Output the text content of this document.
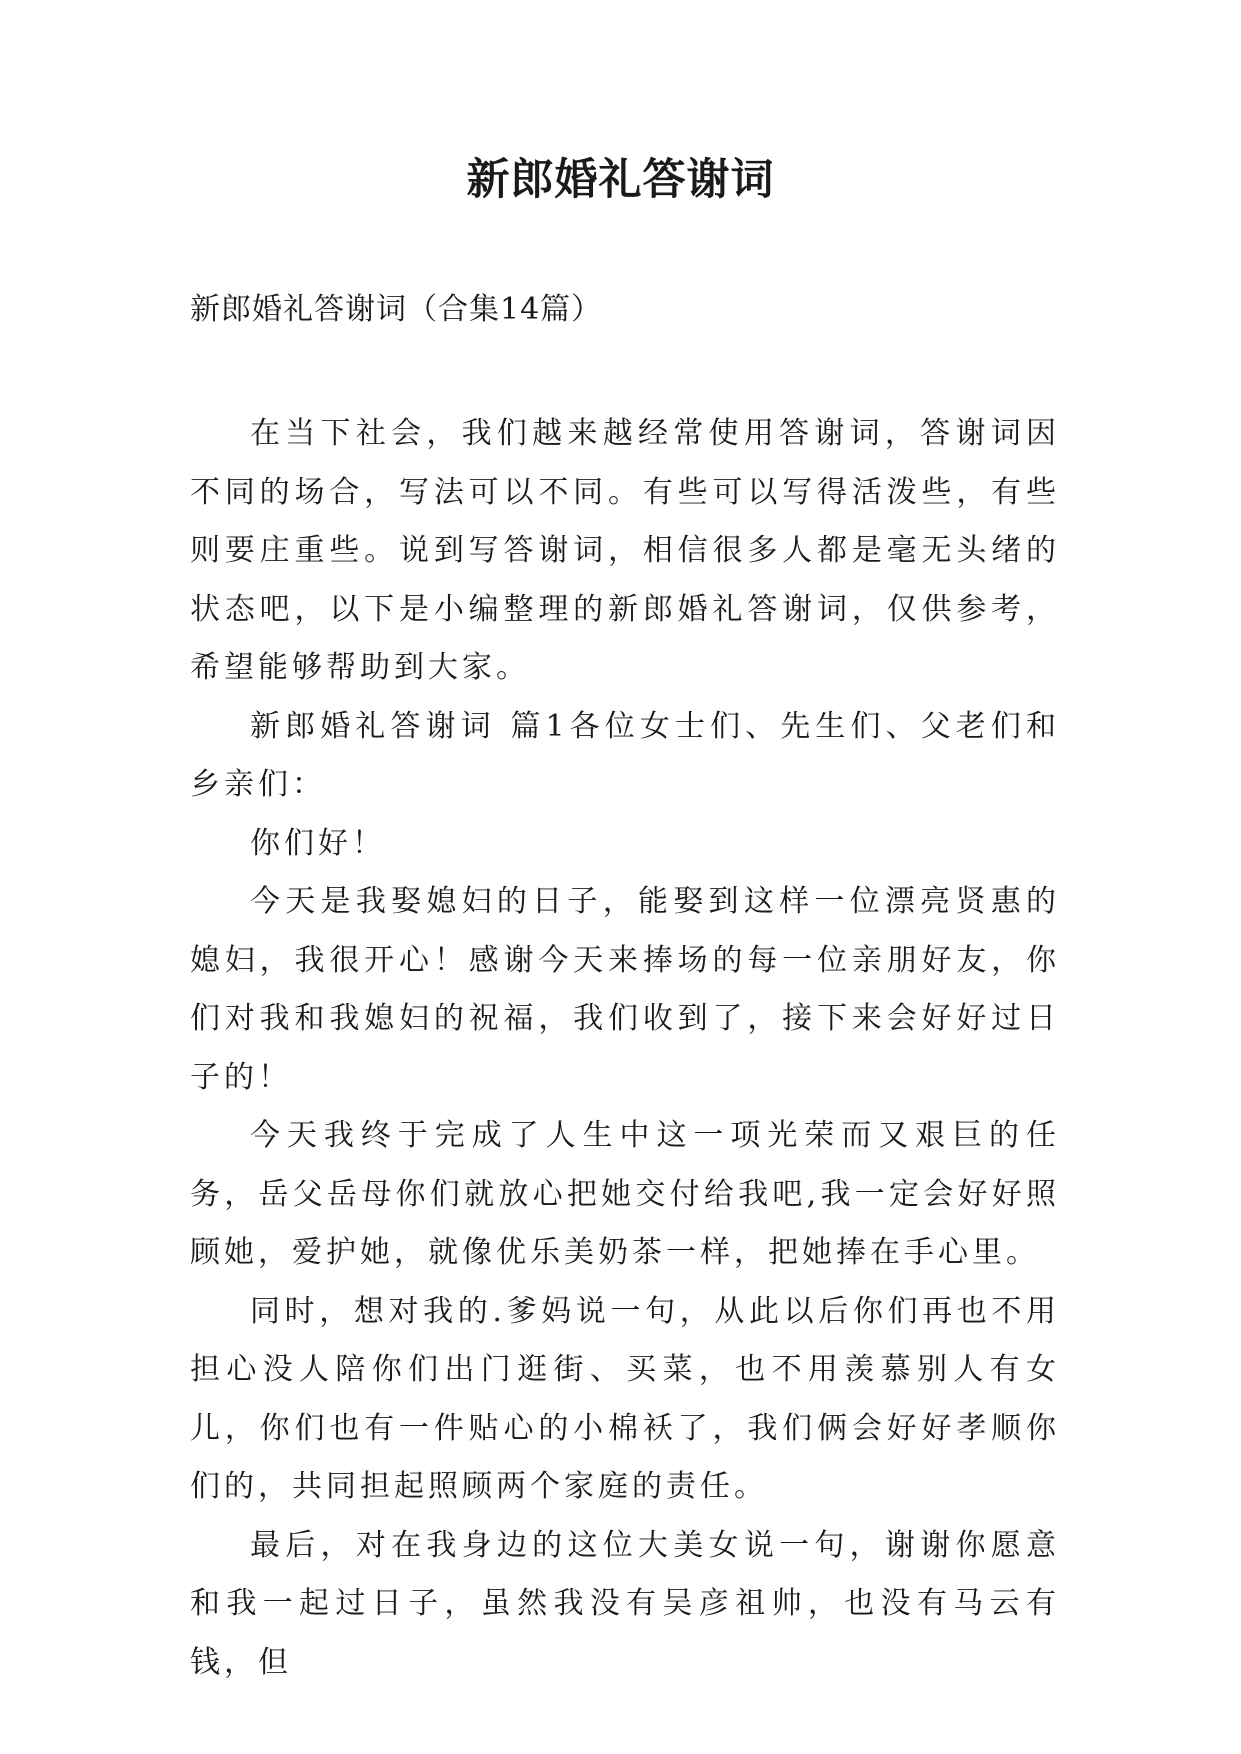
新郎婚礼答谢词
新郎婚礼答谢词（合集14篇）

在当下社会，我们越来越经常使用答谢词，答谢词因不同的场合，写法可以不同。有些可以写得活泼些，有些则要庄重些。说到写答谢词，相信很多人都是毫无头绪的状态吧，以下是小编整理的新郎婚礼答谢词，仅供参考，希望能够帮助到大家。

新郎婚礼答谢词 篇1各位女士们、先生们、父老们和乡亲们：

你们好！

今天是我娶媳妇的日子，能娶到这样一位漂亮贤惠的媳妇，我很开心！感谢今天来捧场的每一位亲朋好友，你们对我和我媳妇的祝福，我们收到了，接下来会好好过日子的！

今天我终于完成了人生中这一项光荣而又艰巨的任务，岳父岳母你们就放心把她交付给我吧,我一定会好好照顾她，爱护她，就像优乐美奶茶一样，把她捧在手心里。

同时，想对我的.爹妈说一句，从此以后你们再也不用担心没人陪你们出门逛街、买菜，也不用羡慕别人有女儿，你们也有一件贴心的小棉袄了，我们俩会好好孝顺你们的，共同担起照顾两个家庭的责任。

最后，对在我身边的这位大美女说一句，谢谢你愿意和我一起过日子，虽然我没有吴彦祖帅，也没有马云有钱，但
